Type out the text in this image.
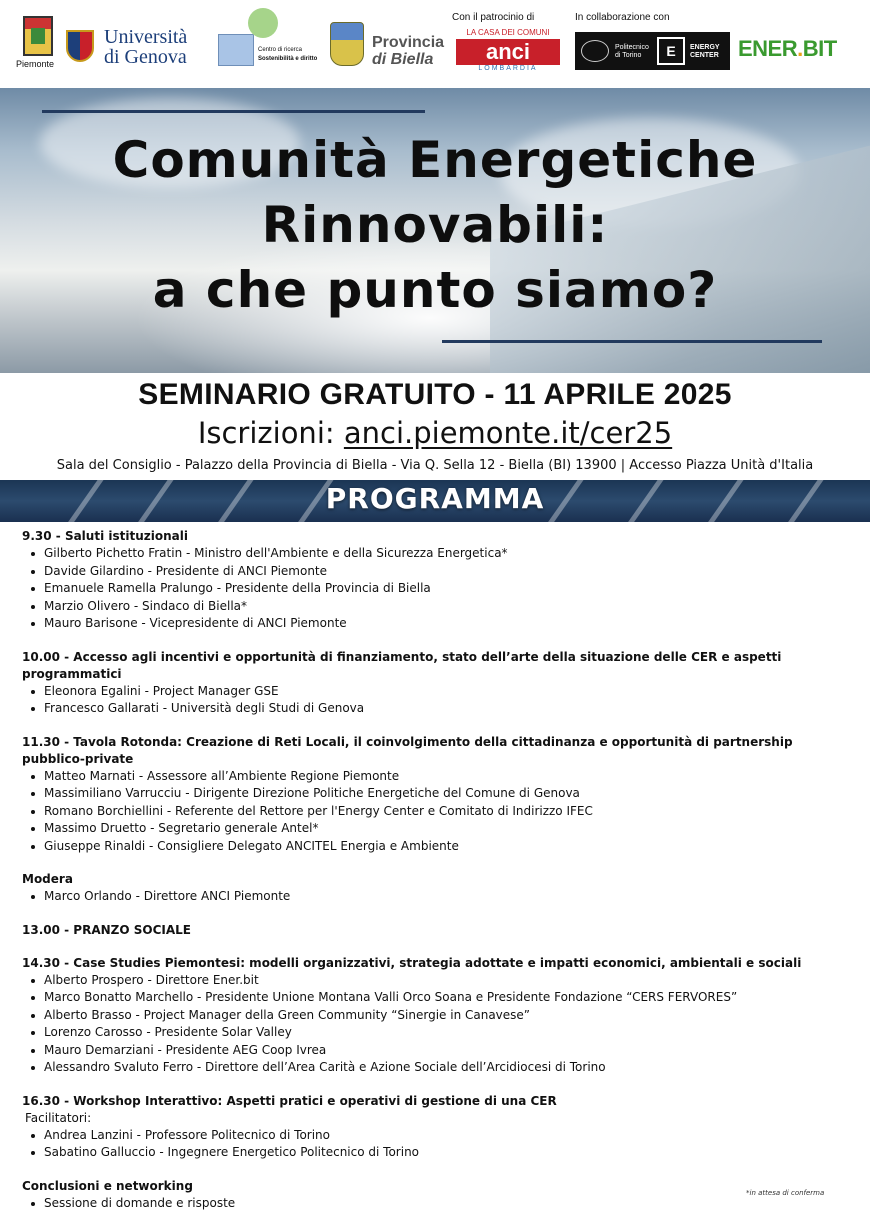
Piemonte
Università
di Genova	Centro di ricerca
Sostenibilità e diritto
Provincia
di Biella
Con il patrocinio di
LA CASA DEI COMUNI
anci
LOMBARDIA
In collaborazione con
Politecnico
di Torino	E	ENERGY
CENTER ENER.BIT
Comunità Energetiche
Rinnovabili:
a che punto siamo?
SEMINARIO GRATUITO - 11 APRILE 2025
Iscrizioni: anci.piemonte.it/cer25
Sala del Consiglio - Palazzo della Provincia di Biella - Via Q. Sella 12 - Biella (BI) 13900 | Accesso Piazza Unità d'Italia
PROGRAMMA
9.30 - Saluti istituzionali
Gilberto Pichetto Fratin - Ministro dell'Ambiente e della Sicurezza Energetica*
Davide Gilardino - Presidente di ANCI Piemonte
Emanuele Ramella Pralungo - Presidente della Provincia di Biella
Marzio Olivero - Sindaco di Biella*
Mauro Barisone - Vicepresidente di ANCI Piemonte
10.00 - Accesso agli incentivi e opportunità di finanziamento, stato dell’arte della situazione delle CER e aspetti programmatici
Eleonora Egalini - Project Manager GSE
Francesco Gallarati - Università degli Studi di Genova
11.30 - Tavola Rotonda: Creazione di Reti Locali, il coinvolgimento della cittadinanza e opportunità di partnership pubblico-private
Matteo Marnati - Assessore all’Ambiente Regione Piemonte
Massimiliano Varrucciu - Dirigente Direzione Politiche Energetiche del Comune di Genova
Romano Borchiellini - Referente del Rettore per l'Energy Center e Comitato di Indirizzo IFEC
Massimo Druetto - Segretario generale Antel*
Giuseppe Rinaldi - Consigliere Delegato ANCITEL Energia e Ambiente
Modera
Marco Orlando - Direttore ANCI Piemonte
13.00 - PRANZO SOCIALE
14.30 - Case Studies Piemontesi: modelli organizzativi, strategia adottate e impatti economici, ambientali e sociali
Alberto Prospero - Direttore Ener.bit
Marco Bonatto Marchello - Presidente Unione Montana Valli Orco Soana e Presidente Fondazione “CERS FERVORES”
Alberto Brasso - Project Manager della Green Community “Sinergie in Canavese”
Lorenzo Carosso - Presidente Solar Valley
Mauro Demarziani - Presidente AEG Coop Ivrea
Alessandro Svaluto Ferro - Direttore dell’Area Carità e Azione Sociale dell’Arcidiocesi di Torino
16.30 - Workshop Interattivo: Aspetti pratici e operativi di gestione di una CER
Facilitatori:
Andrea Lanzini - Professore Politecnico di Torino
Sabatino Galluccio - Ingegnere Energetico Politecnico di Torino
Conclusioni e networking
Sessione di domande e risposte
*in attesa di conferma
